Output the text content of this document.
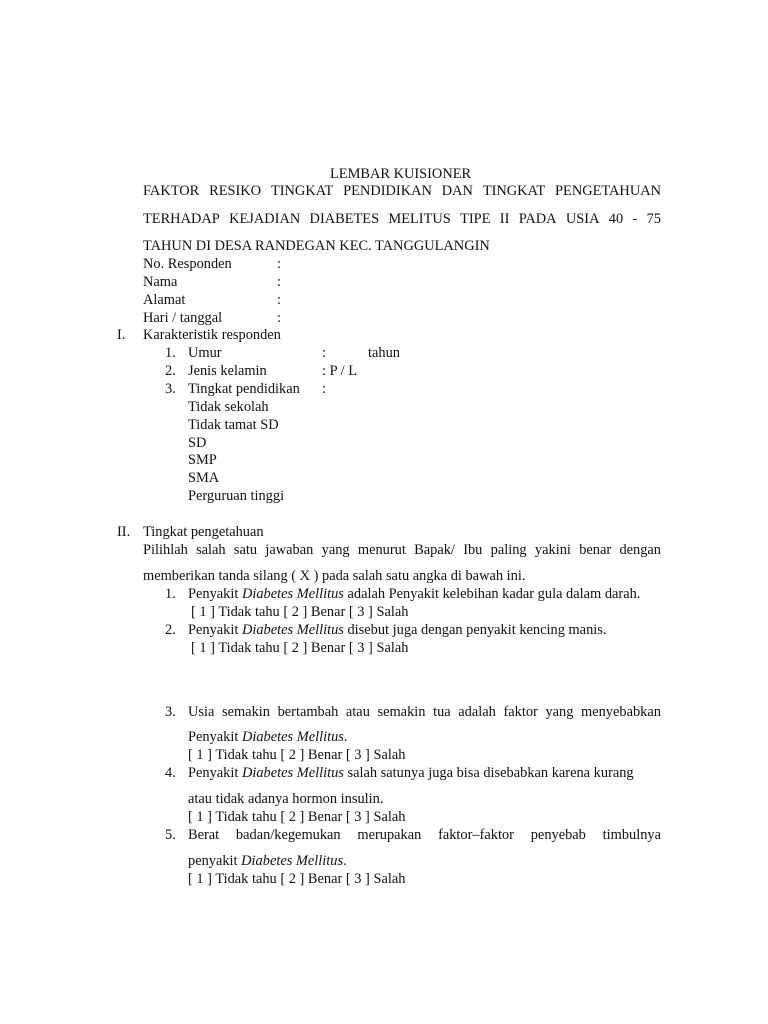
LEMBAR KUISIONER
FAKTOR RESIKO TINGKAT PENDIDIKAN DAN TINGKAT PENGETAHUAN
TERHADAP KEJADIAN DIABETES MELITUS TIPE II PADA USIA 40 - 75
TAHUN DI DESA RANDEGAN KEC. TANGGULANGIN
No. Responden	:
Nama	:
Alamat	:
Hari / tanggal	:
I. Karakteristik responden
1. Umur	:	tahun
2. Jenis kelamin	: P / L
3. Tingkat pendidikan :
Tidak sekolah
Tidak tamat SD
SD
SMP
SMA
Perguruan tinggi
II. Tingkat pengetahuan
Pilihlah salah satu jawaban yang menurut Bapak/ Ibu paling yakini benar dengan
memberikan tanda silang ( X ) pada salah satu angka di bawah ini.
1. Penyakit Diabetes Mellitus adalah Penyakit kelebihan kadar gula dalam darah.
[ 1 ] Tidak tahu [ 2 ] Benar [ 3 ] Salah
2. Penyakit Diabetes Mellitus disebut juga dengan penyakit kencing manis.
[ 1 ] Tidak tahu [ 2 ] Benar [ 3 ] Salah
3. Usia semakin bertambah atau semakin tua adalah faktor yang menyebabkan
Penyakit Diabetes Mellitus.
[ 1 ] Tidak tahu [ 2 ] Benar [ 3 ] Salah
4. Penyakit Diabetes Mellitus salah satunya juga bisa disebabkan karena kurang
atau tidak adanya hormon insulin.
[ 1 ] Tidak tahu [ 2 ] Benar [ 3 ] Salah
5. Berat badan/kegemukan merupakan faktor–faktor penyebab timbulnya
penyakit Diabetes Mellitus.
[ 1 ] Tidak tahu [ 2 ] Benar [ 3 ] Salah
